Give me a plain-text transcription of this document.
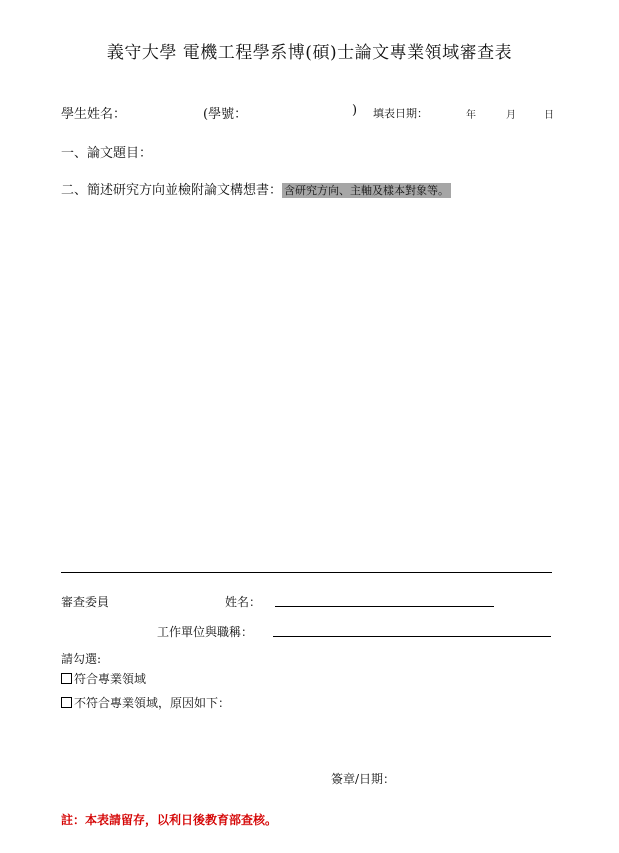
義守大學 電機工程學系博(碩)士論文專業領域審查表
學生姓名：	(學號：	) 填表日期：	年	月	日
一、論文題目：
二、簡述研究方向並檢附論文構想書： 含研究方向、主軸及樣本對象等。
審查委員	姓名：
工作單位與職稱：
請勾選:
符合專業領域
不符合專業領域，原因如下：
簽章/日期：
註：本表請留存，以利日後教育部查核。
